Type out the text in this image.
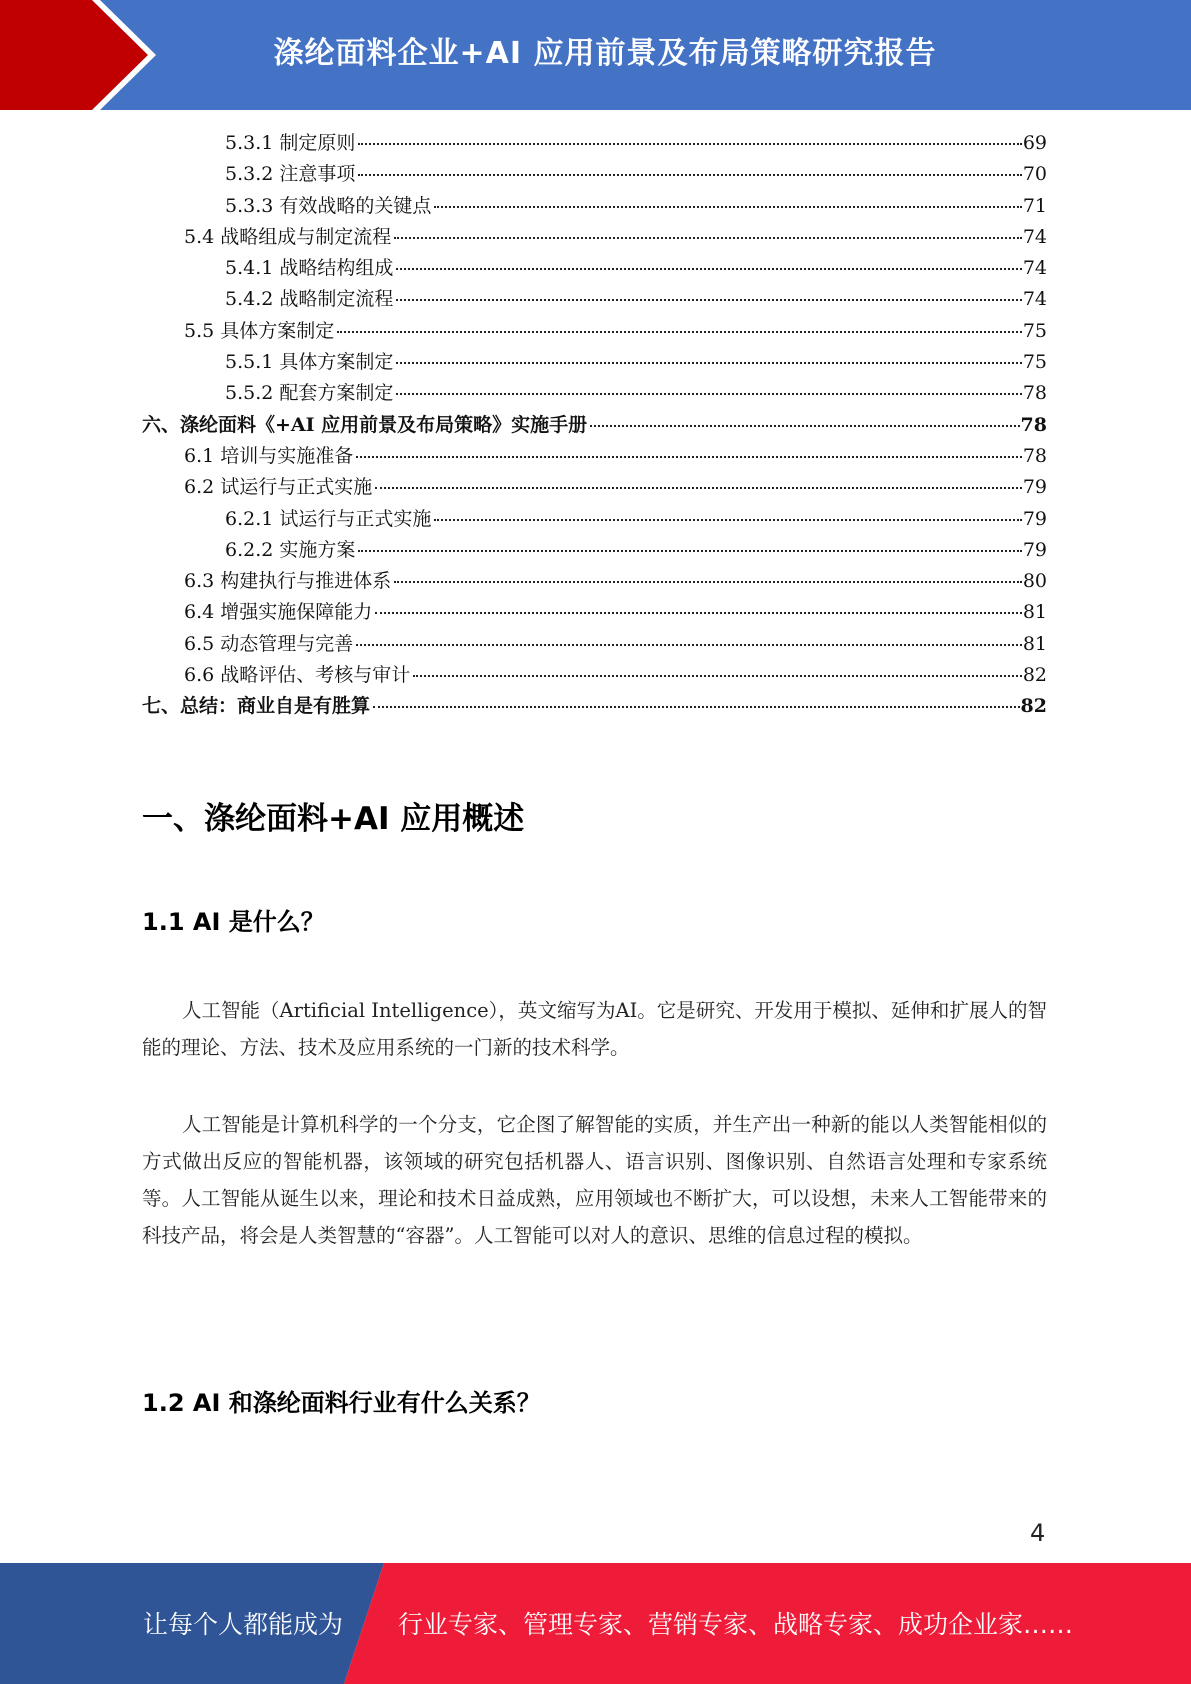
涤纶面料企业+AI 应用前景及布局策略研究报告
5.3.1 制定原则	69
5.3.2 注意事项	70
5.3.3 有效战略的关键点	71
5.4 战略组成与制定流程	74
5.4.1 战略结构组成	74
5.4.2 战略制定流程	74
5.5 具体方案制定	75
5.5.1 具体方案制定	75
5.5.2 配套方案制定	78
六、涤纶面料《+AI 应用前景及布局策略》实施手册	78
6.1 培训与实施准备	78
6.2 试运行与正式实施	79
6.2.1 试运行与正式实施	79
6.2.2 实施方案	79
6.3 构建执行与推进体系	80
6.4 增强实施保障能力	81
6.5 动态管理与完善	81
6.6 战略评估、考核与审计	82
七、总结：商业自是有胜算	82
一、涤纶面料+AI 应用概述
1.1 AI 是什么？
人工智能（Artificial Intelligence），英文缩写为AI。它是研究、开发用于模拟、延伸和扩展人的智能的理论、方法、技术及应用系统的一门新的技术科学。
人工智能是计算机科学的一个分支，它企图了解智能的实质，并生产出一种新的能以人类智能相似的方式做出反应的智能机器，该领域的研究包括机器人、语言识别、图像识别、自然语言处理和专家系统等。人工智能从诞生以来，理论和技术日益成熟，应用领域也不断扩大，可以设想，未来人工智能带来的科技产品，将会是人类智慧的“容器”。人工智能可以对人的意识、思维的信息过程的模拟。
1.2 AI 和涤纶面料行业有什么关系？
4
让每个人都能成为 行业专家、管理专家、营销专家、战略专家、成功企业家……
